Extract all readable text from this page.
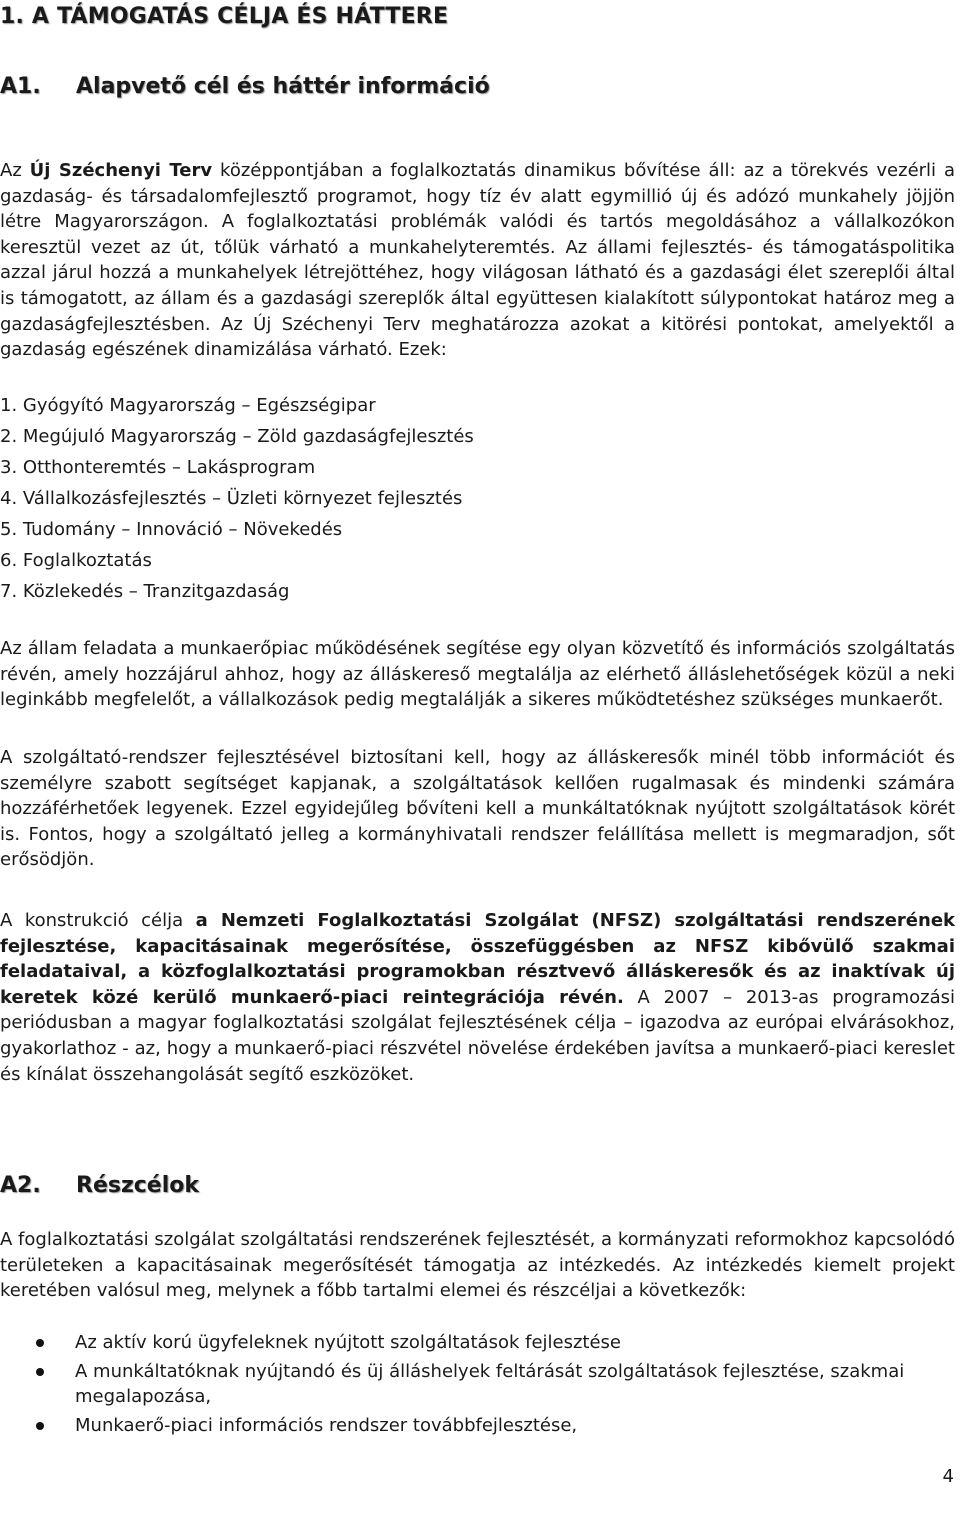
1. A TÁMOGATÁS CÉLJA ÉS HÁTTERE
A1. Alapvető cél és háttér információ

Az Új Széchenyi Terv középpontjában a foglalkoztatás dinamikus bővítése áll: az a törekvés vezérli a gazdaság- és társadalomfejlesztő programot, hogy tíz év alatt egymillió új és adózó munkahely jöjjön létre Magyarországon. A foglalkoztatási problémák valódi és tartós megoldásához a vállalkozókon keresztül vezet az út, tőlük várható a munkahelyteremtés. Az állami fejlesztés- és támogatáspolitika azzal járul hozzá a munkahelyek létrejöttéhez, hogy világosan látható és a gazdasági élet szereplői által is támogatott, az állam és a gazdasági szereplők által együttesen kialakított súlypontokat határoz meg a gazdaságfejlesztésben. Az Új Széchenyi Terv meghatározza azokat a kitörési pontokat, amelyektől a gazdaság egészének dinamizálása várható. Ezek:

1. Gyógyító Magyarország – Egészségipar
2. Megújuló Magyarország – Zöld gazdaságfejlesztés
3. Otthonteremtés – Lakásprogram
4. Vállalkozásfejlesztés – Üzleti környezet fejlesztés
5. Tudomány – Innováció – Növekedés
6. Foglalkoztatás
7. Közlekedés – Tranzitgazdaság

Az állam feladata a munkaerőpiac működésének segítése egy olyan közvetítő és információs szolgáltatás révén, amely hozzájárul ahhoz, hogy az álláskereső megtalálja az elérhető álláslehetőségek közül a neki leginkább megfelelőt, a vállalkozások pedig megtalálják a sikeres működtetéshez szükséges munkaerőt.

A szolgáltató-rendszer fejlesztésével biztosítani kell, hogy az álláskeresők minél több információt és személyre szabott segítséget kapjanak, a szolgáltatások kellően rugalmasak és mindenki számára hozzáférhetőek legyenek. Ezzel egyidejűleg bővíteni kell a munkáltatóknak nyújtott szolgáltatások körét is. Fontos, hogy a szolgáltató jelleg a kormányhivatali rendszer felállítása mellett is megmaradjon, sőt erősödjön.

A konstrukció célja a Nemzeti Foglalkoztatási Szolgálat (NFSZ) szolgáltatási rendszerének fejlesztése, kapacitásainak megerősítése, összefüggésben az NFSZ kibővülő szakmai feladataival, a közfoglalkoztatási programokban résztvevő álláskeresők és az inaktívak új keretek közé kerülő munkaerő-piaci reintegrációja révén. A 2007 – 2013-as programozási periódusban a magyar foglalkoztatási szolgálat fejlesztésének célja – igazodva az európai elvárásokhoz, gyakorlathoz - az, hogy a munkaerő-piaci részvétel növelése érdekében javítsa a munkaerő-piaci kereslet és kínálat összehangolását segítő eszközöket.

A2. Részcélok

A foglalkoztatási szolgálat szolgáltatási rendszerének fejlesztését, a kormányzati reformokhoz kapcsolódó területeken a kapacitásainak megerősítését támogatja az intézkedés. Az intézkedés kiemelt projekt keretében valósul meg, melynek a főbb tartalmi elemei és részcéljai a következők:

Az aktív korú ügyfeleknek nyújtott szolgáltatások fejlesztése
A munkáltatóknak nyújtandó és üj álláshelyek feltárását szolgáltatások fejlesztése, szakmai megalapozása,
Munkaerő-piaci információs rendszer továbbfejlesztése,
4
